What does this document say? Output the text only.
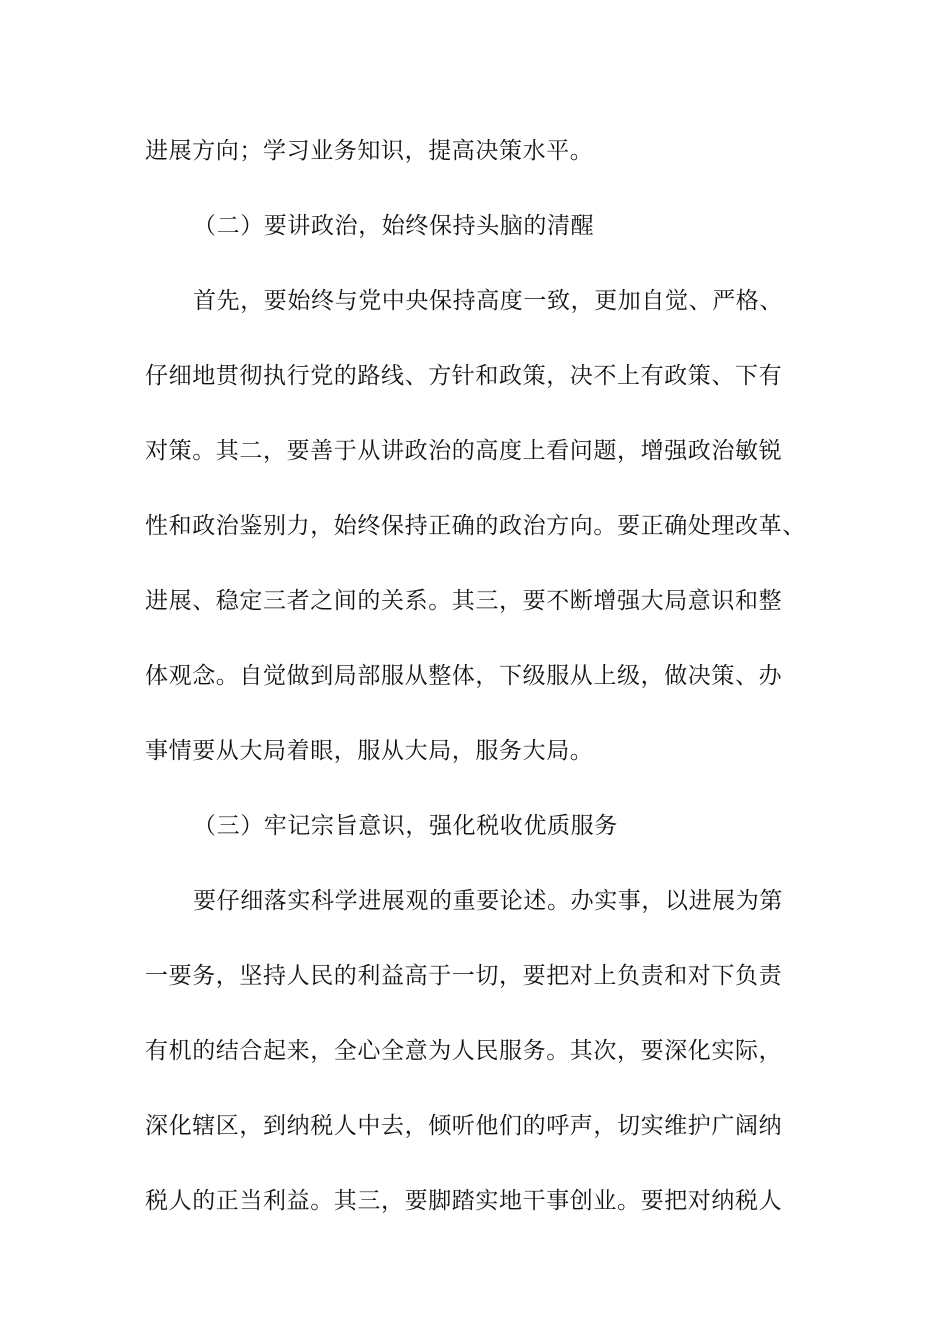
进展方向；学习业务知识，提高决策水平。
（二）要讲政治，始终保持头脑的清醒
首先，要始终与党中央保持高度一致，更加自觉、严格、
仔细地贯彻执行党的路线、方针和政策，决不上有政策、下有
对策。其二，要善于从讲政治的高度上看问题，增强政治敏锐
性和政治鉴别力，始终保持正确的政治方向。要正确处理改革、
进展、稳定三者之间的关系。其三，要不断增强大局意识和整
体观念。自觉做到局部服从整体，下级服从上级，做决策、办
事情要从大局着眼，服从大局，服务大局。
（三）牢记宗旨意识，强化税收优质服务
要仔细落实科学进展观的重要论述。办实事，以进展为第
一要务，坚持人民的利益高于一切，要把对上负责和对下负责
有机的结合起来，全心全意为人民服务。其次，要深化实际，
深化辖区，到纳税人中去，倾听他们的呼声，切实维护广阔纳
税人的正当利益。其三，要脚踏实地干事创业。要把对纳税人
